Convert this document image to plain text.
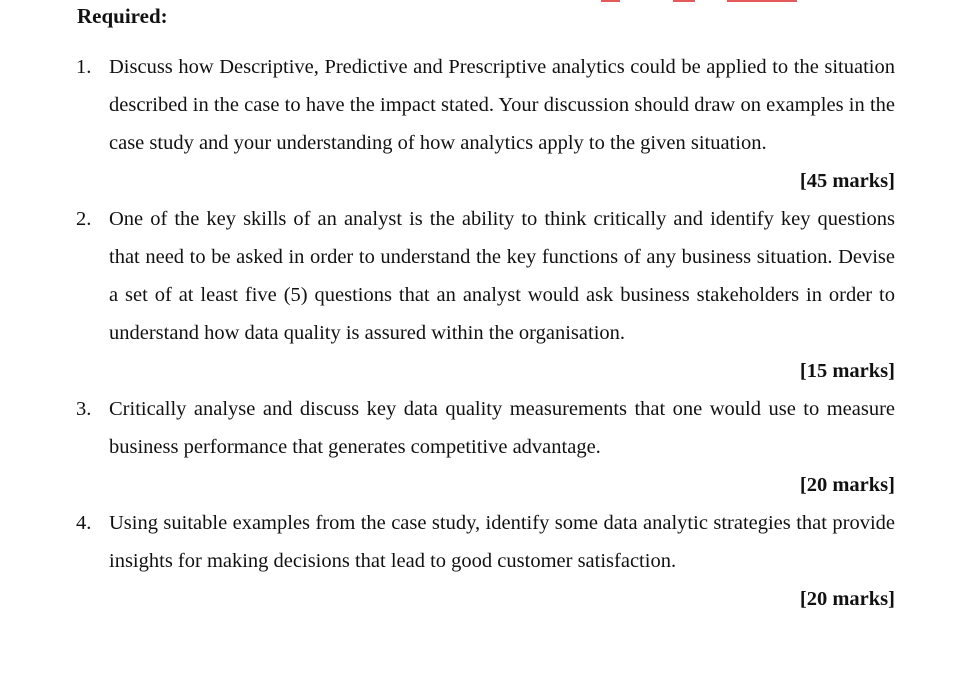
Required:

1. Discuss how Descriptive, Predictive and Prescriptive analytics could be applied to the situation described in the case to have the impact stated. Your discussion should draw on examples in the case study and your understanding of how analytics apply to the given situation.

[45 marks]

2. One of the key skills of an analyst is the ability to think critically and identify key questions that need to be asked in order to understand the key functions of any business situation. Devise a set of at least five (5) questions that an analyst would ask business stakeholders in order to understand how data quality is assured within the organisation.

[15 marks]

3. Critically analyse and discuss key data quality measurements that one would use to measure business performance that generates competitive advantage.

[20 marks]

4. Using suitable examples from the case study, identify some data analytic strategies that provide insights for making decisions that lead to good customer satisfaction.

[20 marks]
